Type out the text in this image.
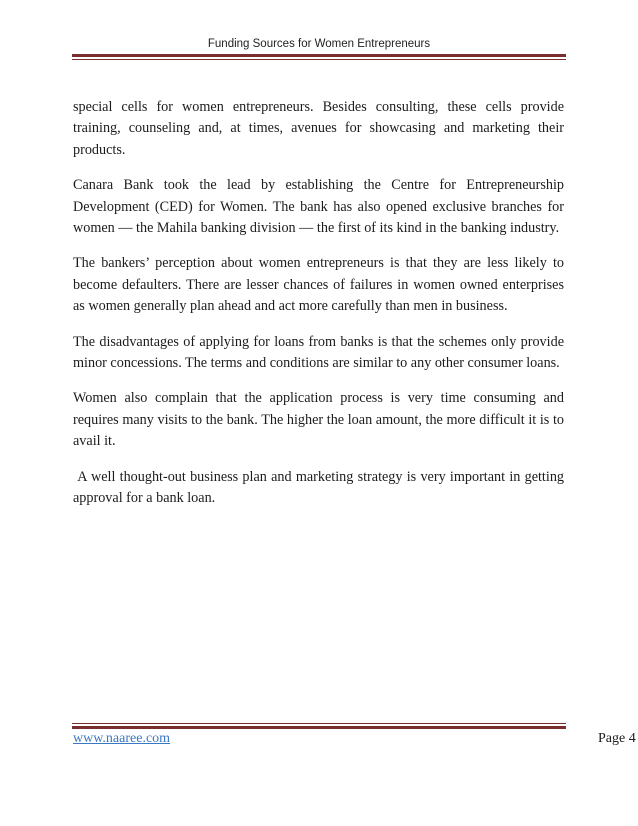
Funding Sources for Women Entrepreneurs

special cells for women entrepreneurs. Besides consulting, these cells provide training, counseling and, at times, avenues for showcasing and marketing their products.

Canara Bank took the lead by establishing the Centre for Entrepreneurship Development (CED) for Women. The bank has also opened exclusive branches for women — the Mahila banking division — the first of its kind in the banking industry.

The bankers’ perception about women entrepreneurs is that they are less likely to become defaulters. There are lesser chances of failures in women owned enterprises as women generally plan ahead and act more carefully than men in business.

The disadvantages of applying for loans from banks is that the schemes only provide minor concessions. The terms and conditions are similar to any other consumer loans.

Women also complain that the application process is very time consuming and requires many visits to the bank. The higher the loan amount, the more difficult it is to avail it.

A well thought-out business plan and marketing strategy is very important in getting approval for a bank loan.

www.naaree.com	Page 4
